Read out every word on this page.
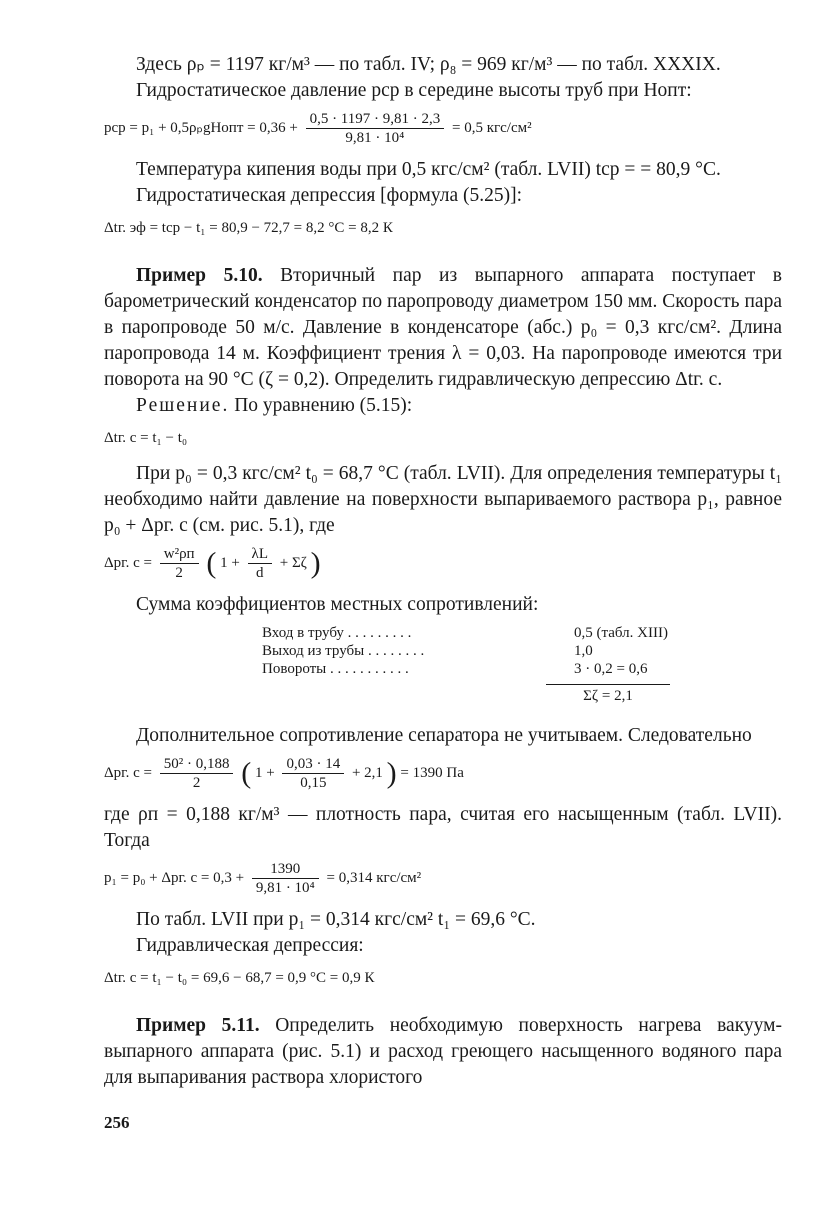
Здесь ρₚ = 1197 кг/м³ — по табл. IV; ρ₈ = 969 кг/м³ — по табл. XXXIX.

Гидростатическое давление pср в середине высоты труб при Hопт:

pср = p₁ + 0,5ρₚgHопт = $0,36 + \frac{0,5 \cdot 1197 \cdot 9,81 \cdot 2,3}{\text{9,81 · 10⁴}} = 0,5$ кгс/см²

Температура кипения воды при 0,5 кгс/см² (табл. LVII) tср = = 80,9 °С.

Гидростатическая депрессия [формула (5.25)]:

Δtг. эф = tср − t₁ = 80,9 − 72,7 = 8,2 °С = 8,2 К

Пример 5.10. Вторичный пар из выпарного аппарата поступает в барометрический конденсатор по паропроводу диаметром 150 мм. Скорость пара в паропроводе 50 м/с. Давление в конденсаторе (абс.) p₀ = 0,3 кгс/см². Длина паропровода 14 м. Коэффициент трения λ = 0,03. На паропроводе имеются три поворота на 90 °С (ζ = 0,2). Определить гидравлическую депрессию Δtг. с.

Решение. По уравнению (5.15):

Δtг. с = t₁ − t₀

При p₀ = 0,3 кгс/см² t₀ = 68,7 °С (табл. LVII). Для определения температуры t₁ необходимо найти давление на поверхности выпариваемого раствора p₁, равное p₀ + Δpг. с (см. рис. 5.1), где

Δpг. $с = \frac{\text{w²ρп}}{2}$ ( $1 + \frac{\lambda L}{d} + \Sigma\zeta$ )

Сумма коэффициентов местных сопротивлений:

Вход в трубу . . . . . . . . .	0,5 (табл. XIII)
Выход из трубы . . . . . . . .	1,0
Повороты . . . . . . . . . . .	3 · 0,2 = 0,6
Σζ = 2,1

Дополнительное сопротивление сепаратора не учитываем. Следовательно

Δpг. $с = \frac{\text{50² · 0,188}}{2}$ ( $1 + \frac{0,03 \cdot 14}{0,15} + 2,1$ ) = 1390 Па

где ρп = 0,188 кг/м³ — плотность пара, считая его насыщенным (табл. LVII). Тогда

p₁ = p₀ + Δpг. $с = 0,3 + \frac{1390}{\text{9,81 · 10⁴}} = 0,314$ кгс/см²

По табл. LVII при p₁ = 0,314 кгс/см² t₁ = 69,6 °С.

Гидравлическая депрессия:

Δtг. с = t₁ − t₀ = 69,6 − 68,7 = 0,9 °С = 0,9 К

Пример 5.11. Определить необходимую поверхность нагрева вакуум-выпарного аппарата (рис. 5.1) и расход греющего насыщенного водяного пара для выпаривания раствора хлористого

256
